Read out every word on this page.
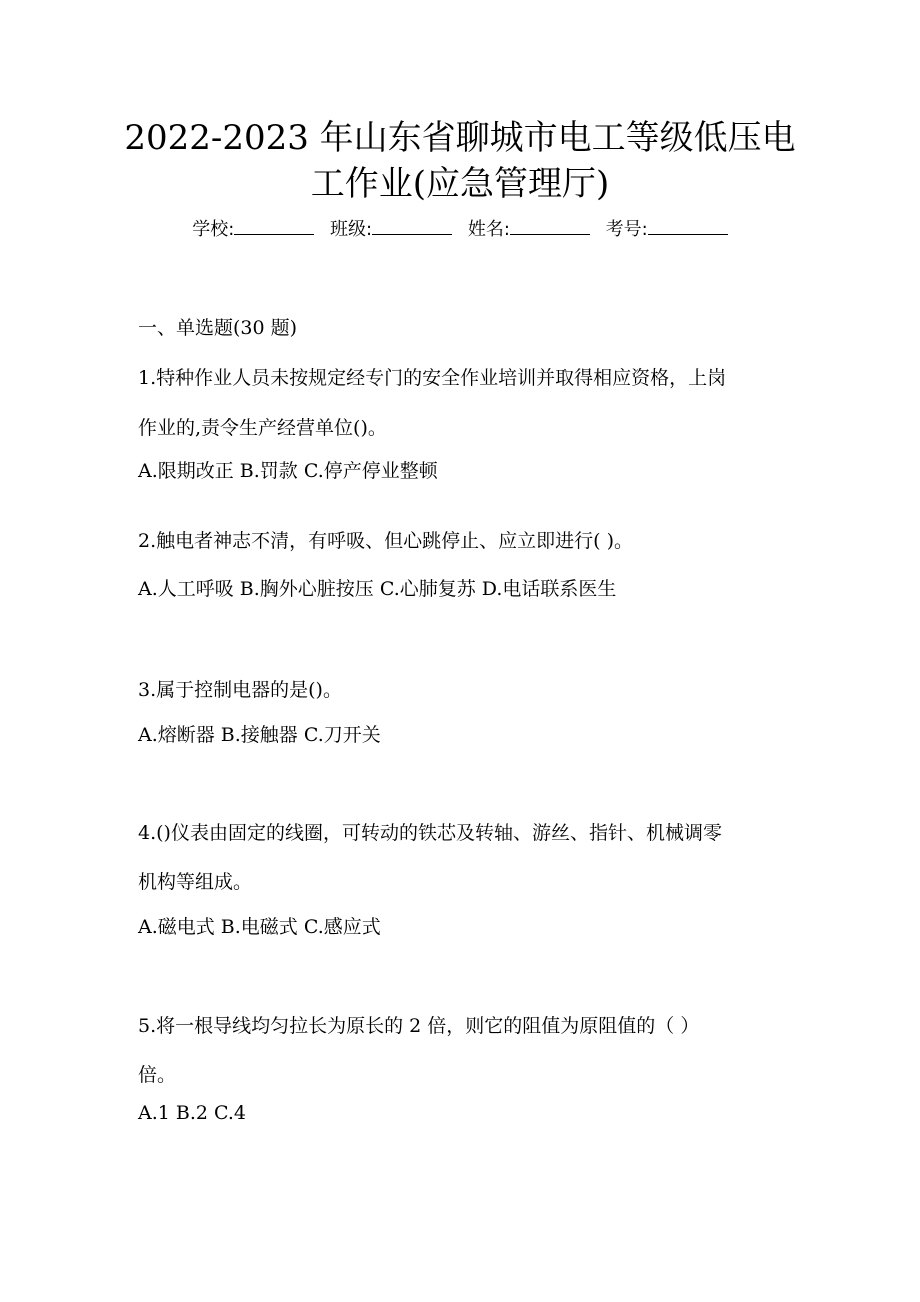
2022-2023 年山东省聊城市电工等级低压电
工作业(应急管理厅)
学校:	班级:	姓名:	考号:
一、单选题(30 题)
1.特种作业人员未按规定经专门的安全作业培训并取得相应资格，上岗
作业的,责令生产经营单位()。
A.限期改正 B.罚款 C.停产停业整顿
2.触电者神志不清，有呼吸、但心跳停止、应立即进行( )。
A.人工呼吸 B.胸外心脏按压 C.心肺复苏 D.电话联系医生
3.属于控制电器的是()。
A.熔断器 B.接触器 C.刀开关
4.()仪表由固定的线圈，可转动的铁芯及转轴、游丝、指针、机械调零
机构等组成。
A.磁电式 B.电磁式 C.感应式
5.将一根导线均匀拉长为原长的 2 倍，则它的阻值为原阻值的（ ）
倍。
A.1 B.2 C.4
